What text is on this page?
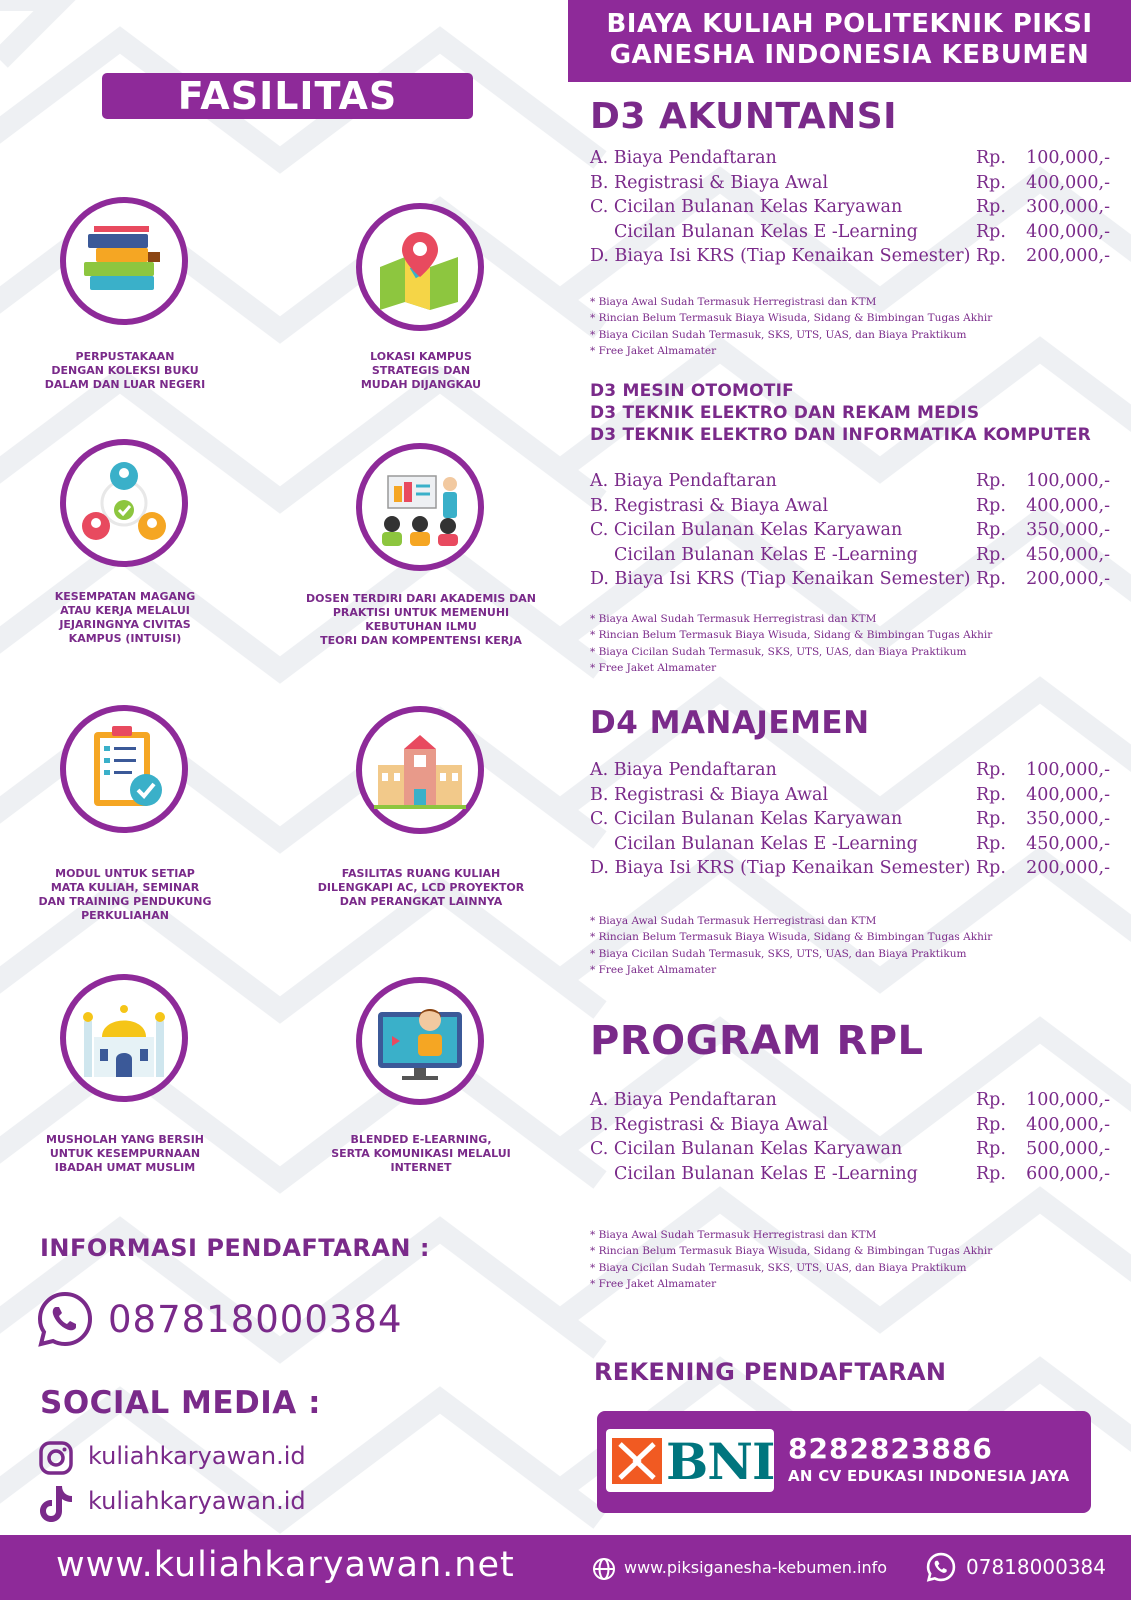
BIAYA KULIAH POLITEKNIK PIKSI
GANESHA INDONESIA KEBUMEN
FASILITAS
PERPUSTAKAAN
DENGAN KOLEKSI BUKU
DALAM DAN LUAR NEGERI
LOKASI KAMPUS
STRATEGIS DAN
MUDAH DIJANGKAU
KESEMPATAN MAGANG
ATAU KERJA MELALUI
JEJARINGNYA CIVITAS
KAMPUS (INTUISI)
DOSEN TERDIRI DARI AKADEMIS DAN
PRAKTISI UNTUK MEMENUHI
KEBUTUHAN ILMU
TEORI DAN KOMPENTENSI KERJA
MODUL UNTUK SETIAP
MATA KULIAH, SEMINAR
DAN TRAINING PENDUKUNG
PERKULIAHAN
FASILITAS RUANG KULIAH
DILENGKAPI AC, LCD PROYEKTOR
DAN PERANGKAT LAINNYA
MUSHOLAH YANG BERSIH
UNTUK KESEMPURNAAN
IBADAH UMAT MUSLIM
BLENDED E-LEARNING,
SERTA KOMUNIKASI MELALUI
INTERNET
D3 AKUNTANSI
A. Biaya Pendaftaran	Rp. 100,000,-
B. Registrasi & Biaya Awal	Rp. 400,000,-
C. Cicilan Bulanan Kelas Karyawan	Rp. 300,000,-
Cicilan Bulanan Kelas E -Learning	Rp. 400,000,-
D. Biaya Isi KRS (Tiap Kenaikan Semester) Rp. 200,000,-
* Biaya Awal Sudah Termasuk Herregistrasi dan KTM
* Rincian Belum Termasuk Biaya Wisuda, Sidang & Bimbingan Tugas Akhir
* Biaya Cicilan Sudah Termasuk, SKS, UTS, UAS, dan Biaya Praktikum
* Free Jaket Almamater
D3 MESIN OTOMOTIF
D3 TEKNIK ELEKTRO DAN REKAM MEDIS
D3 TEKNIK ELEKTRO DAN INFORMATIKA KOMPUTER
A. Biaya Pendaftaran	Rp. 100,000,-
B. Registrasi & Biaya Awal	Rp. 400,000,-
C. Cicilan Bulanan Kelas Karyawan	Rp. 350,000,-
Cicilan Bulanan Kelas E -Learning	Rp. 450,000,-
D. Biaya Isi KRS (Tiap Kenaikan Semester) Rp. 200,000,-
* Biaya Awal Sudah Termasuk Herregistrasi dan KTM
* Rincian Belum Termasuk Biaya Wisuda, Sidang & Bimbingan Tugas Akhir
* Biaya Cicilan Sudah Termasuk, SKS, UTS, UAS, dan Biaya Praktikum
* Free Jaket Almamater
D4 MANAJEMEN
A. Biaya Pendaftaran	Rp. 100,000,-
B. Registrasi & Biaya Awal	Rp. 400,000,-
C. Cicilan Bulanan Kelas Karyawan	Rp. 350,000,-
Cicilan Bulanan Kelas E -Learning	Rp. 450,000,-
D. Biaya Isi KRS (Tiap Kenaikan Semester) Rp. 200,000,-
* Biaya Awal Sudah Termasuk Herregistrasi dan KTM
* Rincian Belum Termasuk Biaya Wisuda, Sidang & Bimbingan Tugas Akhir
* Biaya Cicilan Sudah Termasuk, SKS, UTS, UAS, dan Biaya Praktikum
* Free Jaket Almamater
PROGRAM RPL
A. Biaya Pendaftaran	Rp. 100,000,-
B. Registrasi & Biaya Awal	Rp. 400,000,-
C. Cicilan Bulanan Kelas Karyawan	Rp. 500,000,-
Cicilan Bulanan Kelas E -Learning	Rp. 600,000,-
* Biaya Awal Sudah Termasuk Herregistrasi dan KTM
* Rincian Belum Termasuk Biaya Wisuda, Sidang & Bimbingan Tugas Akhir
* Biaya Cicilan Sudah Termasuk, SKS, UTS, UAS, dan Biaya Praktikum
* Free Jaket Almamater
INFORMASI PENDAFTARAN :
087818000384
SOCIAL MEDIA :
kuliahkaryawan.id
kuliahkaryawan.id
REKENING PENDAFTARAN
BNI 8282823886
AN CV EDUKASI INDONESIA JAYA
www.kuliahkaryawan.net	www.piksiganesha-kebumen.info	07818000384
